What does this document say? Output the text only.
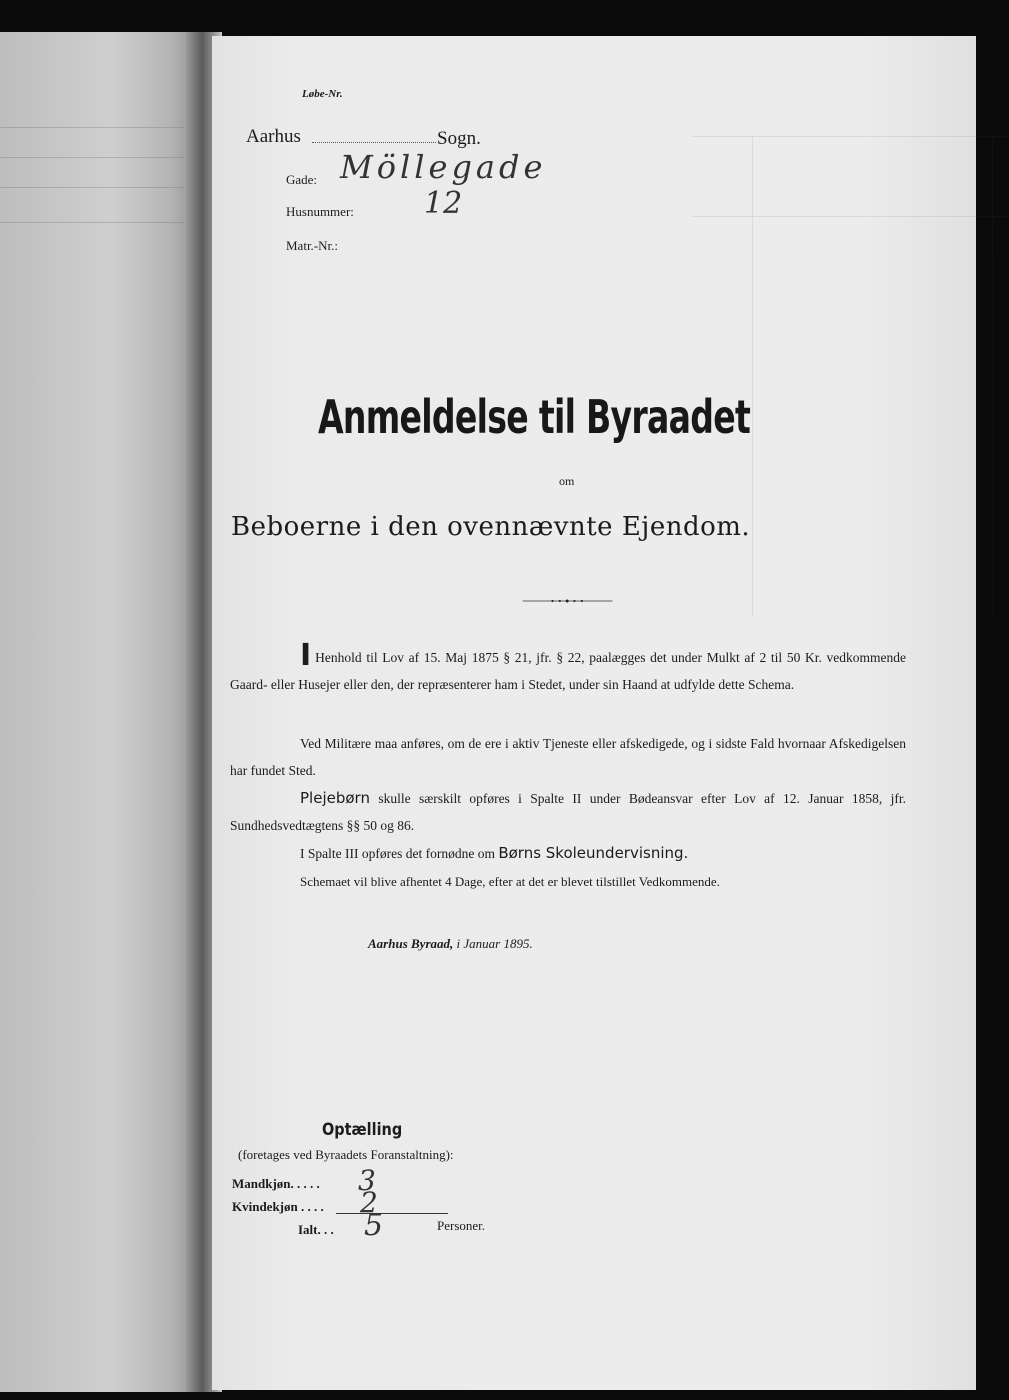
Løbe-Nr.
Aarhus	Sogn.
Gade: Möllegade
Husnummer: 12
Matr.-Nr.:
Anmeldelse til Byraadet
om
Beboerne i den ovennævnte Ejendom.
I Henhold til Lov af 15. Maj 1875 § 21, jfr. § 22, paalægges det under Mulkt af 2 til 50 Kr. vedkommende Gaard- eller Husejer eller den, der repræsenterer ham i Stedet, under sin Haand at udfylde dette Schema.
Ved Militære maa anføres, om de ere i aktiv Tjeneste eller afskedigede, og i sidste Fald hvornaar Afskedigelsen har fundet Sted.
Plejebørn skulle særskilt opføres i Spalte II under Bødeansvar efter Lov af 12. Januar 1858, jfr. Sundhedsvedtægtens §§ 50 og 86.
I Spalte III opføres det fornødne om Børns Skoleundervisning.
Schemaet vil blive afhentet 4 Dage, efter at det er blevet tilstillet Vedkommende.
Aarhus Byraad, i Januar 1895.
Optælling
(foretages ved Byraadets Foranstaltning):
Mandkjøn. . . . . 3
Kvindekjøn . . . . 2
Ialt. . . 5	Personer.
